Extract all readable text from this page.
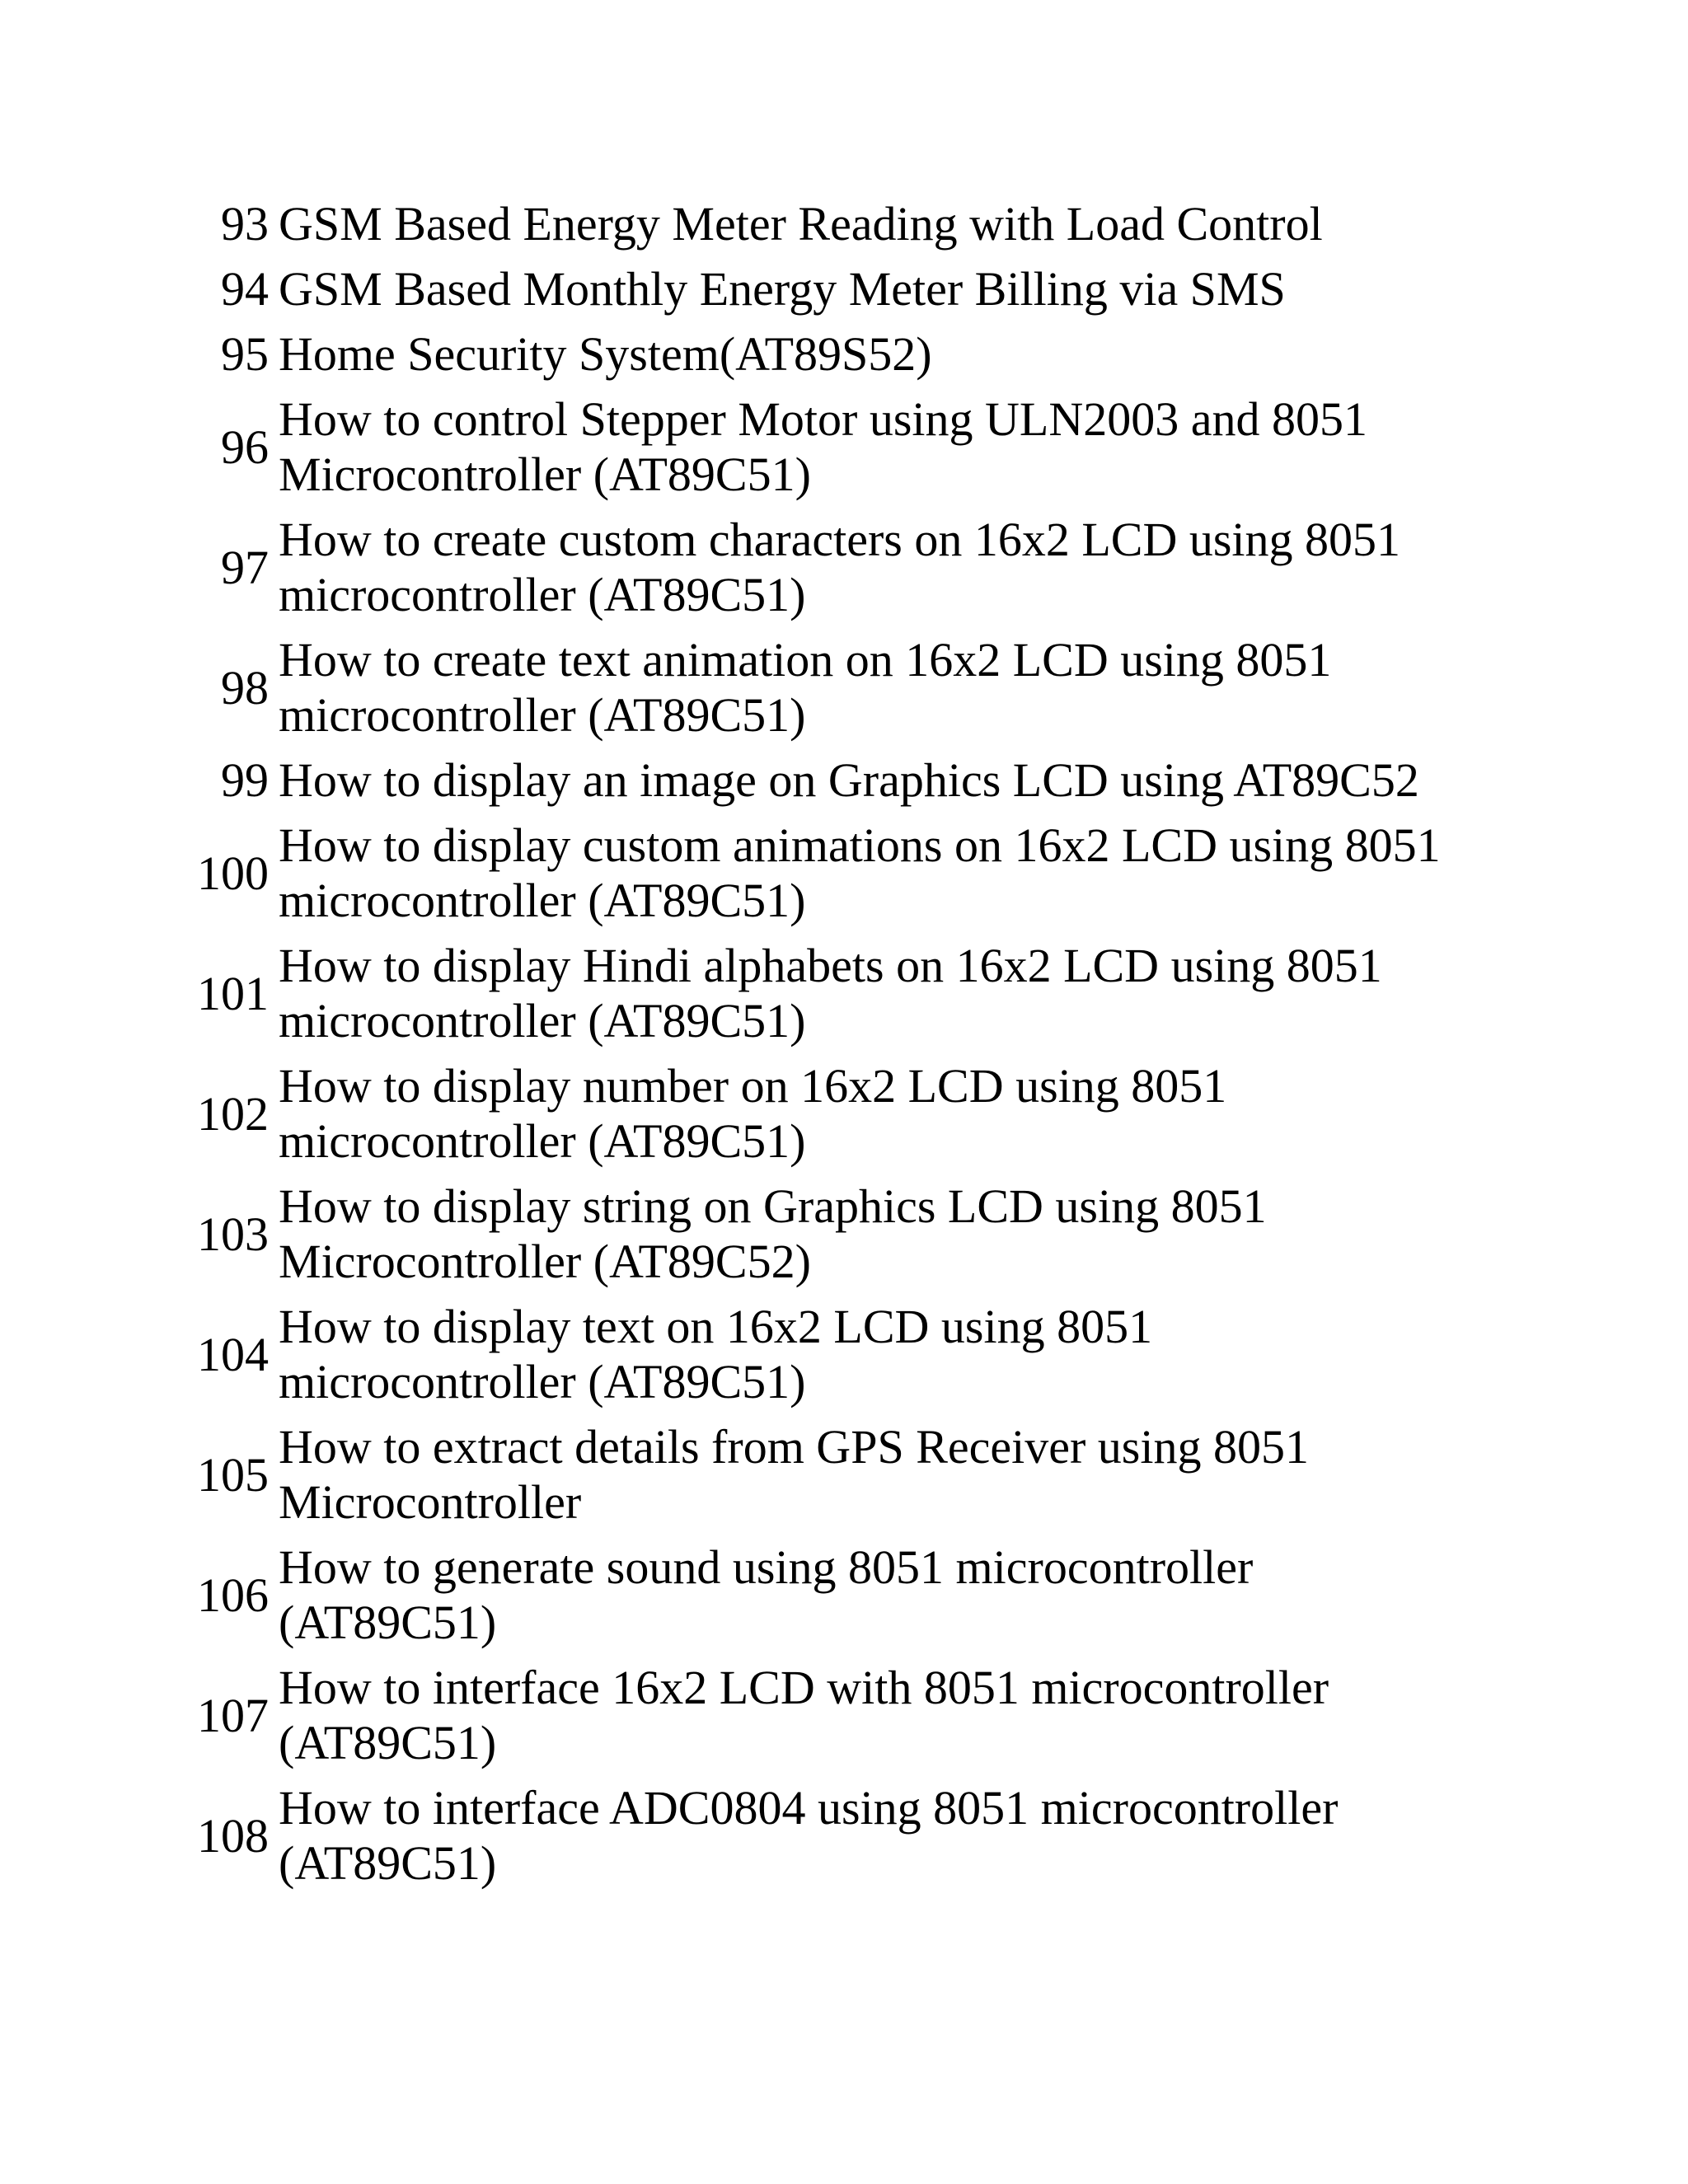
93 GSM Based Energy Meter Reading with Load Control
94 GSM Based Monthly Energy Meter Billing via SMS
95 Home Security System(AT89S52)
96
How to control Stepper Motor using ULN2003 and 8051
Microcontroller (AT89C51)
97
How to create custom characters on 16x2 LCD using 8051
microcontroller (AT89C51)
98
How to create text animation on 16x2 LCD using 8051
microcontroller (AT89C51)
99 How to display an image on Graphics LCD using AT89C52
100
How to display custom animations on 16x2 LCD using 8051
microcontroller (AT89C51)
101
How to display Hindi alphabets on 16x2 LCD using 8051
microcontroller (AT89C51)
102
How to display number on 16x2 LCD using 8051
microcontroller (AT89C51)
103
How to display string on Graphics LCD using 8051
Microcontroller (AT89C52)
104
How to display text on 16x2 LCD using 8051
microcontroller (AT89C51)
105
How to extract details from GPS Receiver using 8051
Microcontroller
106
How to generate sound using 8051 microcontroller
(AT89C51)
107
How to interface 16x2 LCD with 8051 microcontroller
(AT89C51)
108
How to interface ADC0804 using 8051 microcontroller
(AT89C51)
